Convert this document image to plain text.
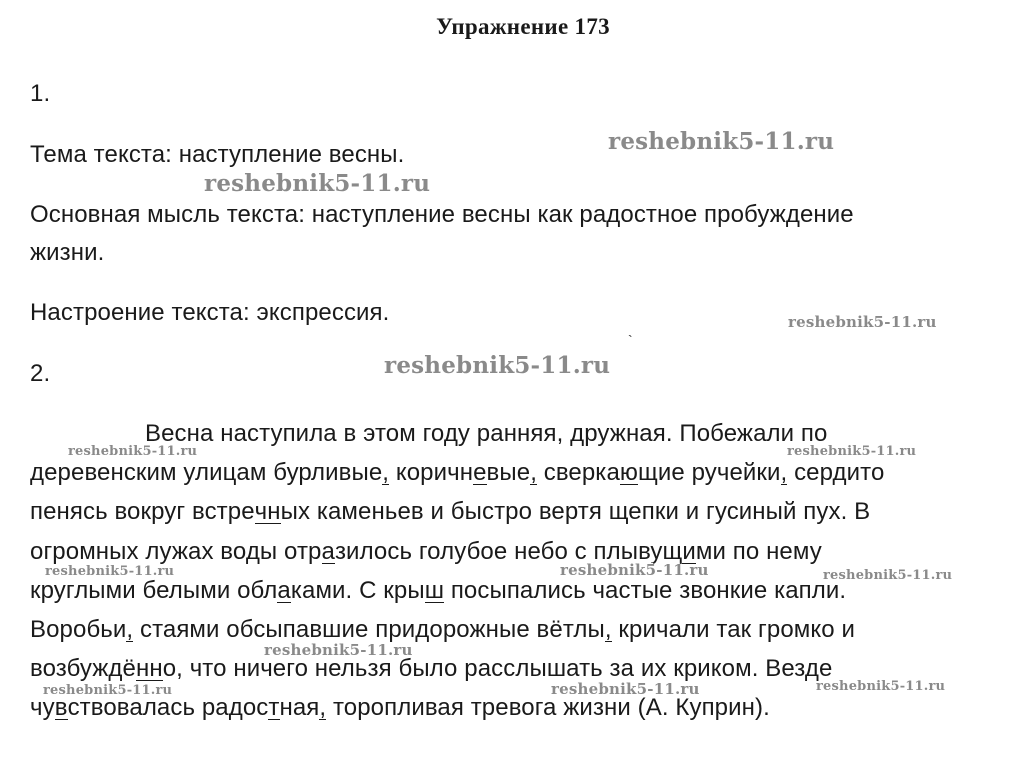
Упражнение 173
1.
Тема текста: наступление весны.
Основная мысль текста: наступление весны как радостное пробуждение
жизни.
Настроение текста: экспрессия.
2.
Весна наступила в этом году ранняя, дружная. Побежали по
деревенским улицам бурливые, коричневые, сверкающие ручейки, сердито
пенясь вокруг встречных каменьев и быстро вертя щепки и гусиный пух. В
огромных лужах воды отразилось голубое небо с плывущими по нему
круглыми белыми облаками. С крыш посыпались частые звонкие капли.
Воробьи, стаями обсыпавшие придорожные вётлы, кричали так громко и
возбуждённо, что ничего нельзя было расслышать за их криком. Везде
чувствовалась радостная, торопливая тревога жизни (А. Куприн).
`
reshebnik5-11.ru
reshebnik5-11.ru
reshebnik5-11.ru
reshebnik5-11.ru
reshebnik5-11.ru	reshebnik5-11.ru
reshebnik5-11.ru	reshebnik5-11.ru	reshebnik5-11.ru
reshebnik5-11.ru
reshebnik5-11.ru	reshebnik5-11.ru	reshebnik5-11.ru
